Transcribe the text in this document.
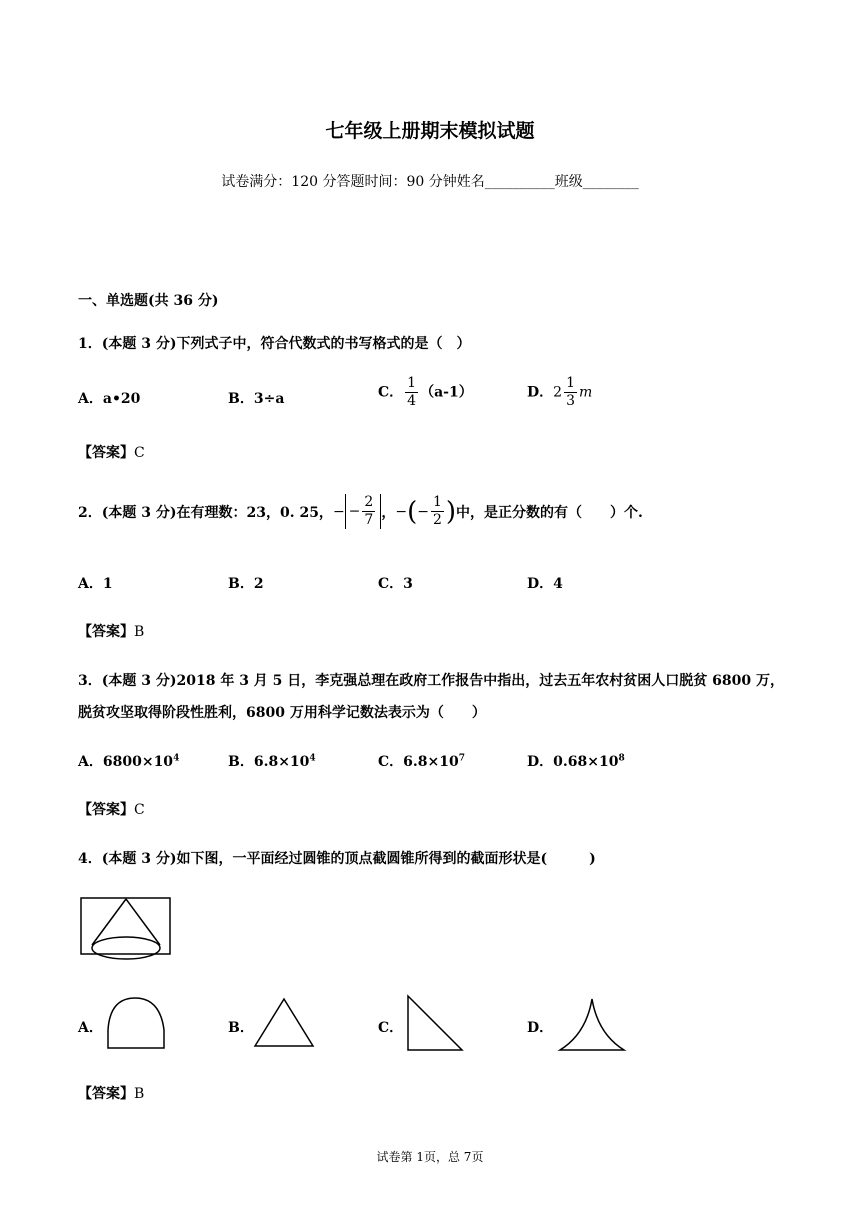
七年级上册期末模拟试题
试卷满分：120 分答题时间：90 分钟姓名__________班级________
一、单选题(共 36 分)
1．(本题 3 分)下列式子中，符合代数式的书写格式的是（　）
A．a•20	B．3÷a	C． $\frac{1}{4} (a-1)$	D．$2 \frac{1}{3}$ m
【答案】C
2．(本题 3 分)在有理数：23，0. 25， − − $\frac{2}{7}$ ， − ( − $\frac{1}{2}$ ) 中，是正分数的有（　　）个.
A．1	B．2	C．3	D．4
【答案】B
3．(本题 3 分)2018 年 3 月 5 日，李克强总理在政府工作报告中指出，过去五年农村贫困人口脱贫 6800 万，
脱贫攻坚取得阶段性胜利，6800 万用科学记数法表示为（　　）
A．$6800\times 10^4$	B．$6.8\times 10^4$	C．$6.8\times 10^7$	D．$0.68\times 10^8$
【答案】C
4．(本题 3 分)如下图，一平面经过圆锥的顶点截圆锥所得到的截面形状是(　　　)
A．	B．	C．	D．
【答案】B
试卷第 1页，总 7页
